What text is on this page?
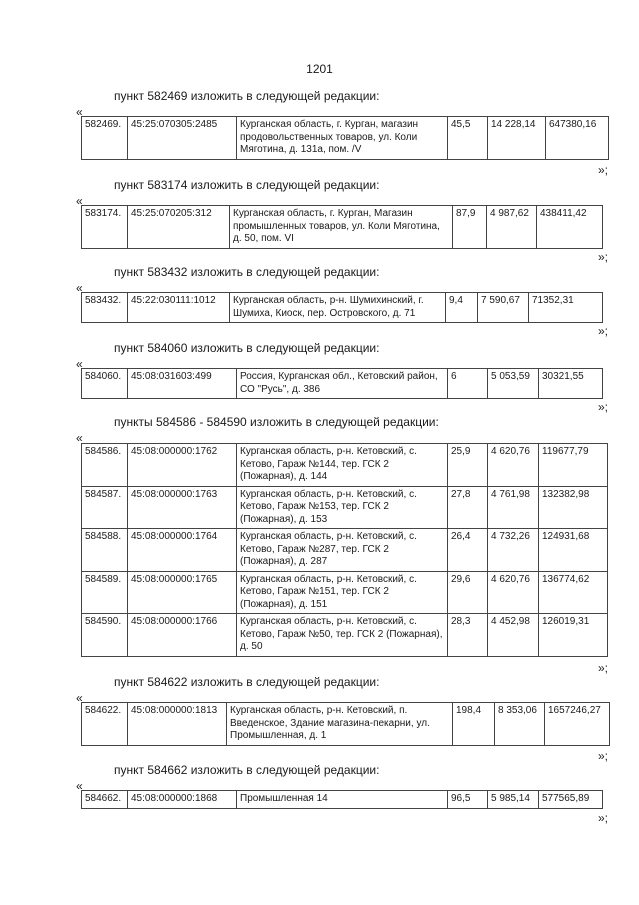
1201
пункт 582469 изложить в следующей редакции:
«
582469.	45:25:070305:2485	Курганская область, г. Курган, магазин продовольственных товаров, ул. Коли Мяготина, д. 131а, пом. /V	45,5	14 228,14	647380,16
»;
пункт 583174 изложить в следующей редакции:
«
583174.	45:25:070205:312	Курганская область, г. Курган, Магазин промышленных товаров, ул. Коли Мяготина, д. 50, пом. VI	87,9	4 987,62	438411,42
»;
пункт 583432 изложить в следующей редакции:
«
583432.	45:22:030111:1012	Курганская область, р-н. Шумихинский, г. Шумиха, Киоск, пер. Островского, д. 71	9,4	7 590,67	71352,31
»;
пункт 584060 изложить в следующей редакции:
«
584060.	45:08:031603:499	Россия, Курганская обл., Кетовский район, СО "Русь", д. 386	6	5 053,59	30321,55
»;
пункты 584586 - 584590 изложить в следующей редакции:
«
584586.	45:08:000000:1762	Курганская область, р-н. Кетовский, с. Кетово, Гараж №144, тер. ГСК 2 (Пожарная), д. 144	25,9	4 620,76	119677,79
584587.	45:08:000000:1763	Курганская область, р-н. Кетовский, с. Кетово, Гараж №153, тер. ГСК 2 (Пожарная), д. 153	27,8	4 761,98	132382,98
584588.	45:08:000000:1764	Курганская область, р-н. Кетовский, с. Кетово, Гараж №287, тер. ГСК 2 (Пожарная), д. 287	26,4	4 732,26	124931,68
584589.	45:08:000000:1765	Курганская область, р-н. Кетовский, с. Кетово, Гараж №151, тер. ГСК 2 (Пожарная), д. 151	29,6	4 620,76	136774,62
584590.	45:08:000000:1766	Курганская область, р-н. Кетовский, с. Кетово, Гараж №50, тер. ГСК 2 (Пожарная), д. 50	28,3	4 452,98	126019,31
»;
пункт 584622 изложить в следующей редакции:
«
584622.	45:08:000000:1813	Курганская область, р-н. Кетовский, п. Введенское, Здание магазина-пекарни, ул. Промышленная, д. 1	198,4	8 353,06	1657246,27
»;
пункт 584662 изложить в следующей редакции:
«
584662.	45:08:000000:1868	Промышленная 14	96,5	5 985,14	577565,89
»;
